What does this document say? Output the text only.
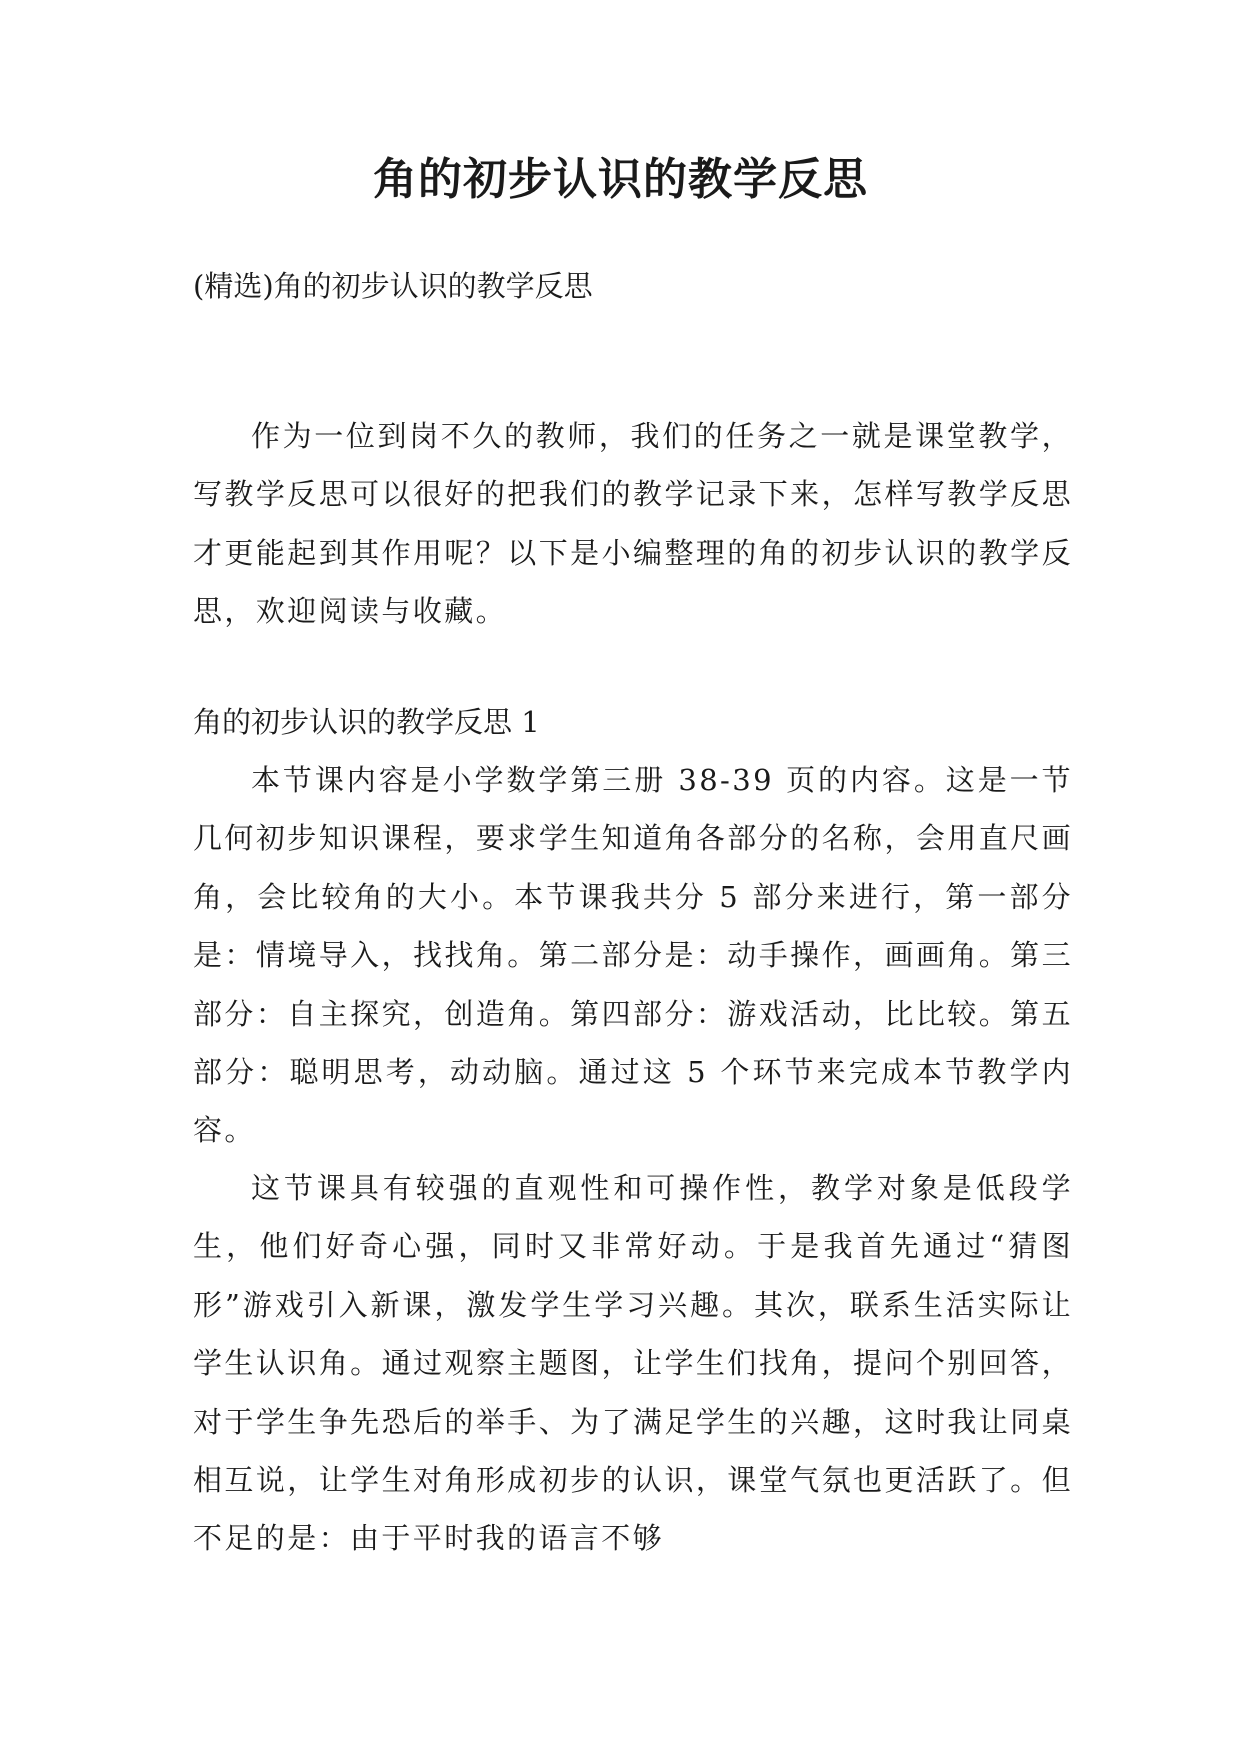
角的初步认识的教学反思

(精选)角的初步认识的教学反思

作为一位到岗不久的教师，我们的任务之一就是课堂教学，写教学反思可以很好的把我们的教学记录下来，怎样写教学反思才更能起到其作用呢？以下是小编整理的角的初步认识的教学反思，欢迎阅读与收藏。

角的初步认识的教学反思 1

本节课内容是小学数学第三册 38-39 页的内容。这是一节几何初步知识课程，要求学生知道角各部分的名称，会用直尺画角，会比较角的大小。本节课我共分 5 部分来进行，第一部分是：情境导入，找找角。第二部分是：动手操作，画画角。第三部分：自主探究，创造角。第四部分：游戏活动，比比较。第五部分：聪明思考，动动脑。通过这 5 个环节来完成本节教学内容。

这节课具有较强的直观性和可操作性，教学对象是低段学生，他们好奇心强，同时又非常好动。于是我首先通过“猜图形”游戏引入新课，激发学生学习兴趣。其次，联系生活实际让学生认识角。通过观察主题图，让学生们找角，提问个别回答，对于学生争先恐后的举手、为了满足学生的兴趣，这时我让同桌相互说，让学生对角形成初步的认识，课堂气氛也更活跃了。但不足的是：由于平时我的语言不够
